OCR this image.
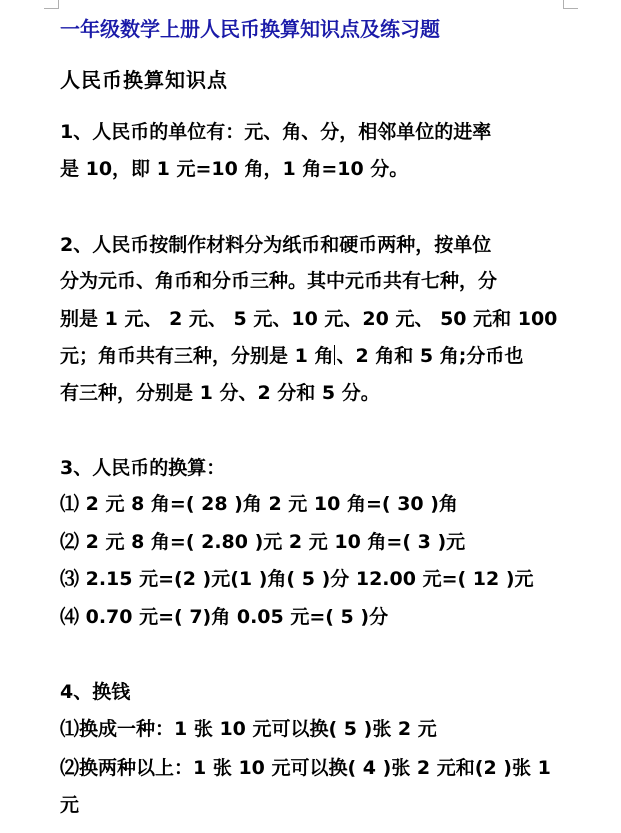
一年级数学上册人民币换算知识点及练习题
人民币换算知识点
1、人民币的单位有：元、角、分，相邻单位的进率
是 10，即 1 元=10 角，1 角=10 分。
2、人民币按制作材料分为纸币和硬币两种，按单位
分为元币、角币和分币三种。其中元币共有七种，分
别是 1 元、 2 元、 5 元、10 元、20 元、 50 元和 100
元；角币共有三种，分别是 1 角 、2 角和 5 角;分币也
有三种，分别是 1 分、2 分和 5 分。
3、人民币的换算：
⑴ 2 元 8 角=( 28 )角 2 元 10 角=( 30 )角
⑵ 2 元 8 角=( 2.80 )元 2 元 10 角=( 3 )元
⑶ 2.15 元=(2 )元(1 )角( 5 )分 12.00 元=( 12 )元
⑷ 0.70 元=( 7)角 0.05 元=( 5 )分
4、换钱
⑴换成一种：1 张 10 元可以换( 5 )张 2 元
⑵换两种以上：1 张 10 元可以换( 4 )张 2 元和(2 )张 1
元
